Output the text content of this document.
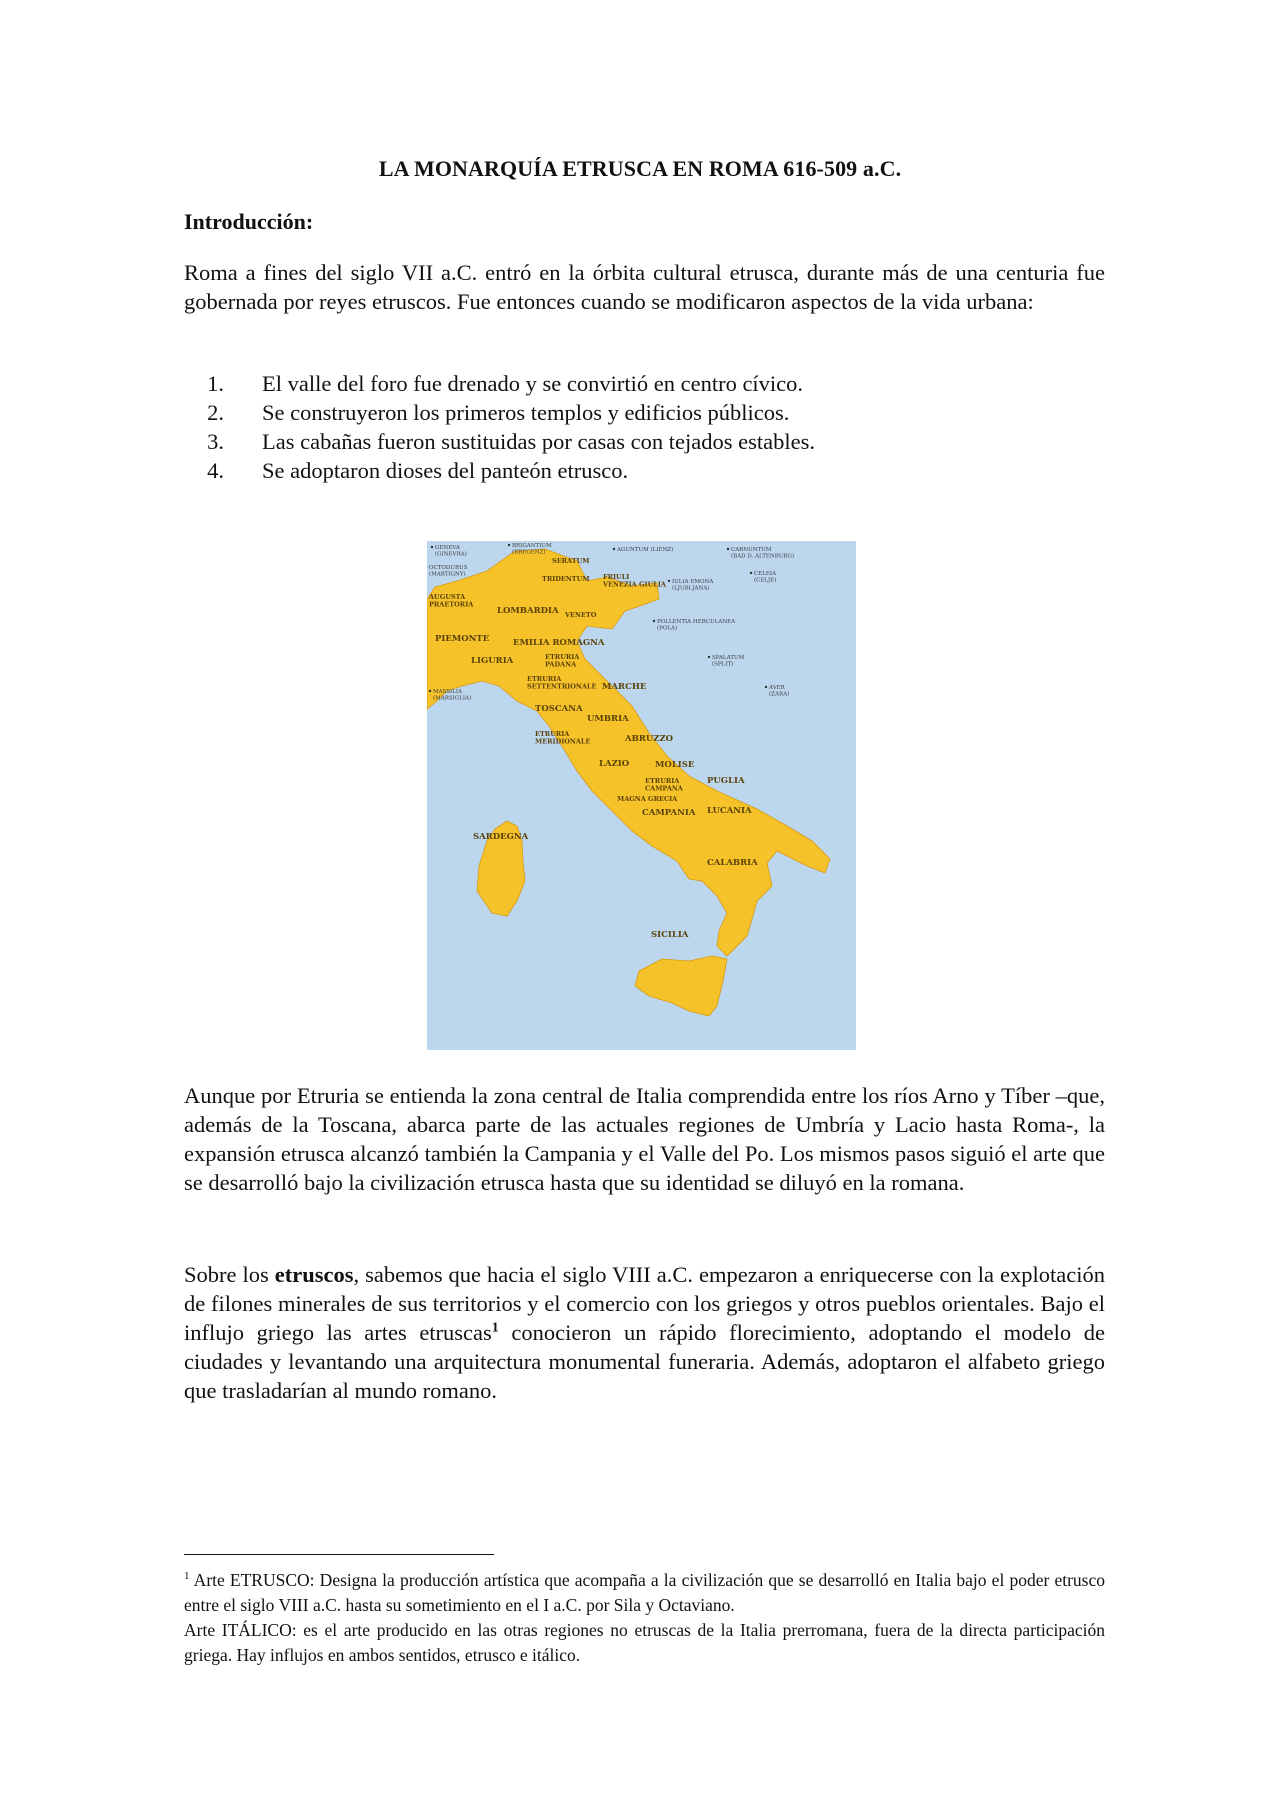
LA MONARQUÍA ETRUSCA EN ROMA 616-509 a.C.
Introducción:
Roma a fines del siglo VII a.C. entró en la órbita cultural etrusca, durante más de una centuria fue gobernada por reyes etruscos. Fue entonces cuando se modificaron aspectos de la vida urbana:
1.	El valle del foro fue drenado y se convirtió en centro cívico.
2.	Se construyeron los primeros templos y edificios públicos.
3.	Las cabañas fueron sustituidas por casas con tejados estables.
4.	Se adoptaron dioses del panteón etrusco.
SERATUM
TRIDENTUM FRIULI VENEZIA GIULIA
AUGUSTA PRAETORIA
LOMBARDIA VENETO
PIEMONTE	EMILIA ROMAGNA
ETRURIA PADANA
LIGURIA
ETRURIA SETTENTRIONALE MARCHE
TOSCANA
UMBRIA
ETRURIA MERIDIONALE	ABRUZZO
LAZIO	MOLISE
ETRURIA CAMPANA
MAGNA GRECIA
PUGLIA
CAMPANIA LUCANIA
SARDEGNA
CALABRIA
SICILIA
GENEVA (GINEVRA)
BRIGANTIUM (BREGENZ)	AGUNTUM (LIENZ)	CARNUNTUM (BAD D. ALTENBURG)
OCTODURUS (MARTIGNY)
IULIA EMONA (LJUBLJANA)
CELEIA (CELJE)
POLLENTIA HERCULANEA (POLA)
SPALATUM (SPLIT)
MASSILIA (MARSIGLIA)
AVER (ZARA)
Aunque por Etruria se entienda la zona central de Italia comprendida entre los ríos Arno y Tíber –que, además de la Toscana, abarca parte de las actuales regiones de Umbría y Lacio hasta Roma-, la expansión etrusca alcanzó también la Campania y el Valle del Po. Los mismos pasos siguió el arte que se desarrolló bajo la civilización etrusca hasta que su identidad se diluyó en la romana.
Sobre los etruscos, sabemos que hacia el siglo VIII a.C. empezaron a enriquecerse con la explotación de filones minerales de sus territorios y el comercio con los griegos y otros pueblos orientales. Bajo el influjo griego las artes etruscas$^1$ conocieron un rápido florecimiento, adoptando el modelo de ciudades y levantando una arquitectura monumental funeraria. Además, adoptaron el alfabeto griego que trasladarían al mundo romano.
$^1$ Arte ETRUSCO: Designa la producción artística que acompaña a la civilización que se desarrolló en Italia bajo el poder etrusco entre el siglo VIII a.C. hasta su sometimiento en el I a.C. por Sila y Octaviano.
Arte ITÁLICO: es el arte producido en las otras regiones no etruscas de la Italia prerromana, fuera de la directa participación griega. Hay influjos en ambos sentidos, etrusco e itálico.
